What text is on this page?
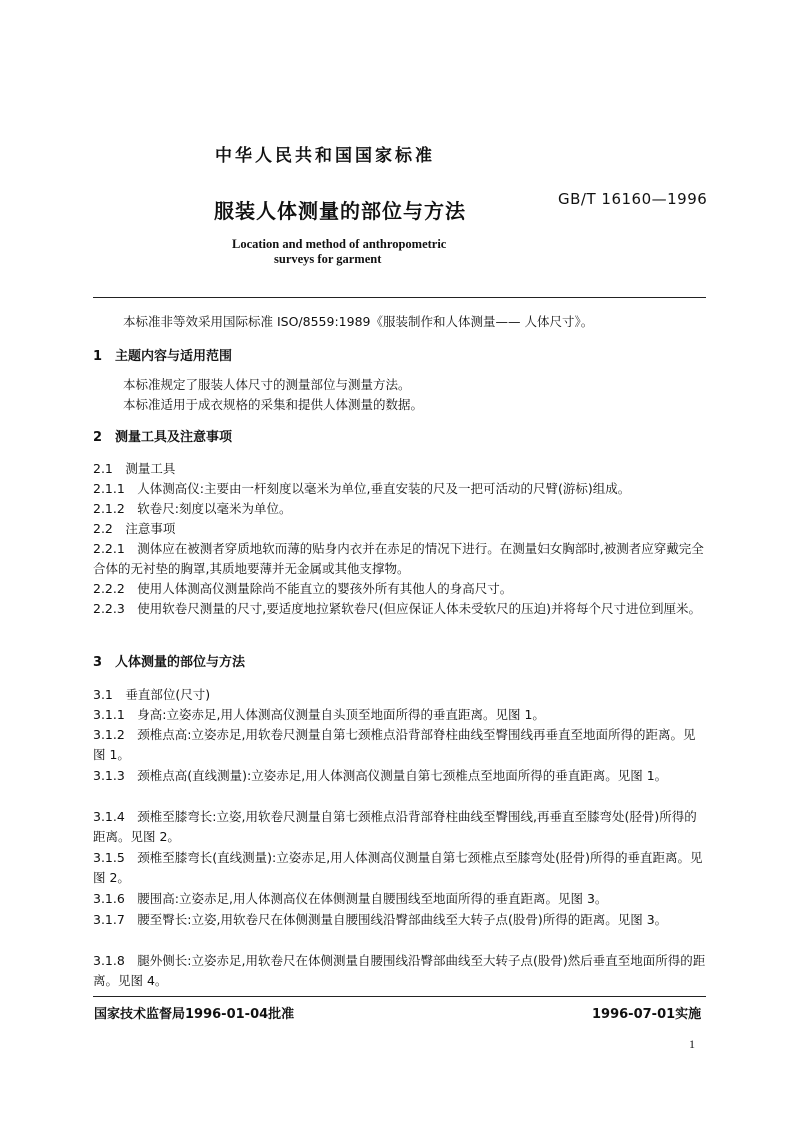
中华人民共和国国家标准
服装人体测量的部位与方法	GB/T 16160—1996
Location and method of anthropometric
surveys for garment
本标准非等效采用国际标准 ISO/8559:1989《服装制作和人体测量—— 人体尺寸》。
1　主题内容与适用范围
本标准规定了服装人体尺寸的测量部位与测量方法。
本标准适用于成衣规格的采集和提供人体测量的数据。
2　测量工具及注意事项
2.1　测量工具
2.1.1　人体测高仪:主要由一杆刻度以毫米为单位,垂直安装的尺及一把可活动的尺臂(游标)组成。
2.1.2　软卷尺:刻度以毫米为单位。
2.2　注意事项
2.2.1　测体应在被测者穿质地软而薄的贴身内衣并在赤足的情况下进行。在测量妇女胸部时,被测者应穿戴完全合体的无衬垫的胸罩,其质地要薄并无金属或其他支撑物。
2.2.2　使用人体测高仪测量除尚不能直立的婴孩外所有其他人的身高尺寸。
2.2.3　使用软卷尺测量的尺寸,要适度地拉紧软卷尺(但应保证人体未受软尺的压迫)并将每个尺寸进位到厘米。
3　人体测量的部位与方法
3.1　垂直部位(尺寸)
3.1.1　身高:立姿赤足,用人体测高仪测量自头顶至地面所得的垂直距离。见图 1。
3.1.2　颈椎点高:立姿赤足,用软卷尺测量自第七颈椎点沿背部脊柱曲线至臀围线再垂直至地面所得的距离。见图 1。
3.1.3　颈椎点高(直线测量):立姿赤足,用人体测高仪测量自第七颈椎点至地面所得的垂直距离。见图 1。
3.1.4　颈椎至膝弯长:立姿,用软卷尺测量自第七颈椎点沿背部脊柱曲线至臀围线,再垂直至膝弯处(胫骨)所得的距离。见图 2。
3.1.5　颈椎至膝弯长(直线测量):立姿赤足,用人体测高仪测量自第七颈椎点至膝弯处(胫骨)所得的垂直距离。见图 2。
3.1.6　腰围高:立姿赤足,用人体测高仪在体侧测量自腰围线至地面所得的垂直距离。见图 3。
3.1.7　腰至臀长:立姿,用软卷尺在体侧测量自腰围线沿臀部曲线至大转子点(股骨)所得的距离。见图 3。
3.1.8　腿外侧长:立姿赤足,用软卷尺在体侧测量自腰围线沿臀部曲线至大转子点(股骨)然后垂直至地面所得的距离。见图 4。
国家技术监督局1996-01-04批准	1996-07-01实施
1
